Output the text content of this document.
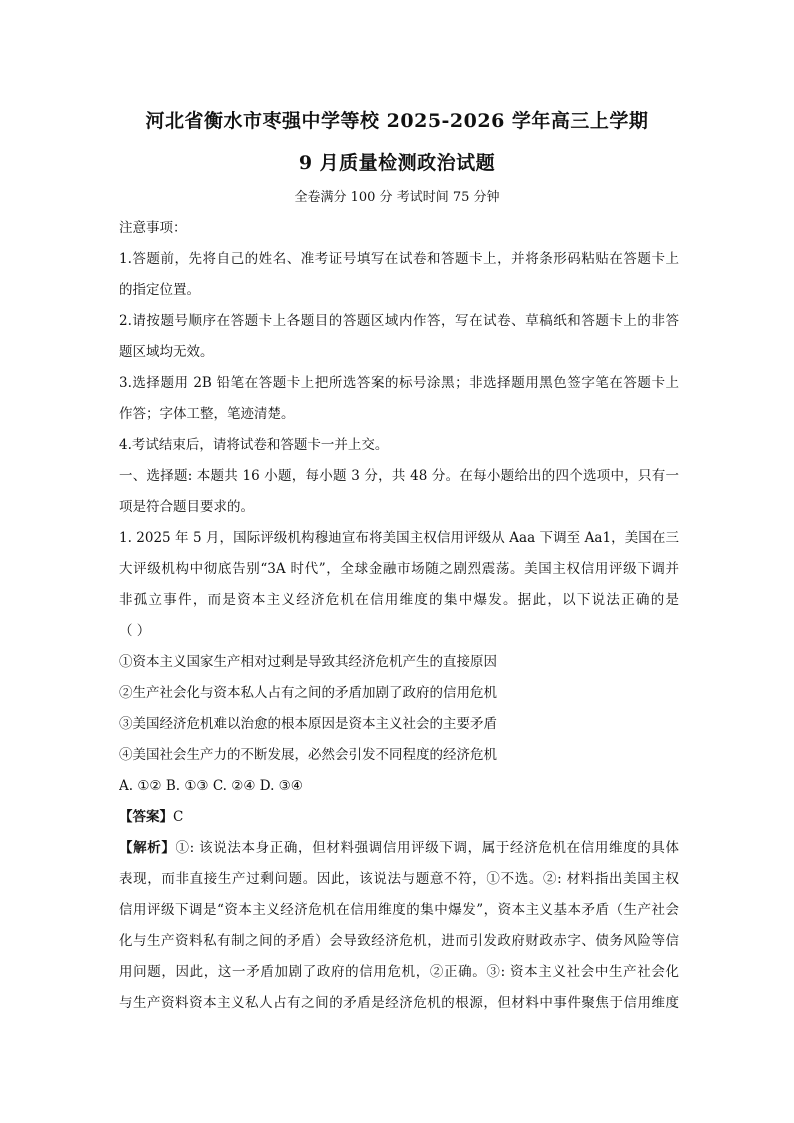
河北省衡水市枣强中学等校 2025-2026 学年高三上学期
9 月质量检测政治试题
全卷满分 100 分 考试时间 75 分钟
注意事项：
1.答题前，先将自己的姓名、准考证号填写在试卷和答题卡上，并将条形码粘贴在答题卡上
的指定位置。
2.请按题号顺序在答题卡上各题目的答题区域内作答，写在试卷、草稿纸和答题卡上的非答
题区域均无效。
3.选择题用 2B 铅笔在答题卡上把所选答案的标号涂黑；非选择题用黑色签字笔在答题卡上
作答；字体工整，笔迹清楚。
4.考试结束后，请将试卷和答题卡一并上交。
一、选择题: 本题共 16 小题，每小题 3 分，共 48 分。在每小题给出的四个选项中，只有一
项是符合题目要求的。
1. 2025 年 5 月，国际评级机构穆迪宣布将美国主权信用评级从 Aaa 下调至 Aa1，美国在三
大评级机构中彻底告别“3A 时代”，全球金融市场随之剧烈震荡。美国主权信用评级下调并
非孤立事件，而是资本主义经济危机在信用维度的集中爆发。据此，以下说法正确的是
（ ）
①资本主义国家生产相对过剩是导致其经济危机产生的直接原因
②生产社会化与资本私人占有之间的矛盾加剧了政府的信用危机
③美国经济危机难以治愈的根本原因是资本主义社会的主要矛盾
④美国社会生产力的不断发展，必然会引发不同程度的经济危机
A. ①② B. ①③ C. ②④ D. ③④
【答案】C
【解析】①: 该说法本身正确，但材料强调信用评级下调，属于经济危机在信用维度的具体
表现，而非直接生产过剩问题。因此，该说法与题意不符，①不选。②: 材料指出美国主权
信用评级下调是“资本主义经济危机在信用维度的集中爆发”，资本主义基本矛盾（生产社会
化与生产资料私有制之间的矛盾）会导致经济危机，进而引发政府财政赤字、债务风险等信
用问题，因此，这一矛盾加剧了政府的信用危机，②正确。③: 资本主义社会中生产社会化
与生产资料资本主义私人占有之间的矛盾是经济危机的根源，但材料中事件聚焦于信用维度
